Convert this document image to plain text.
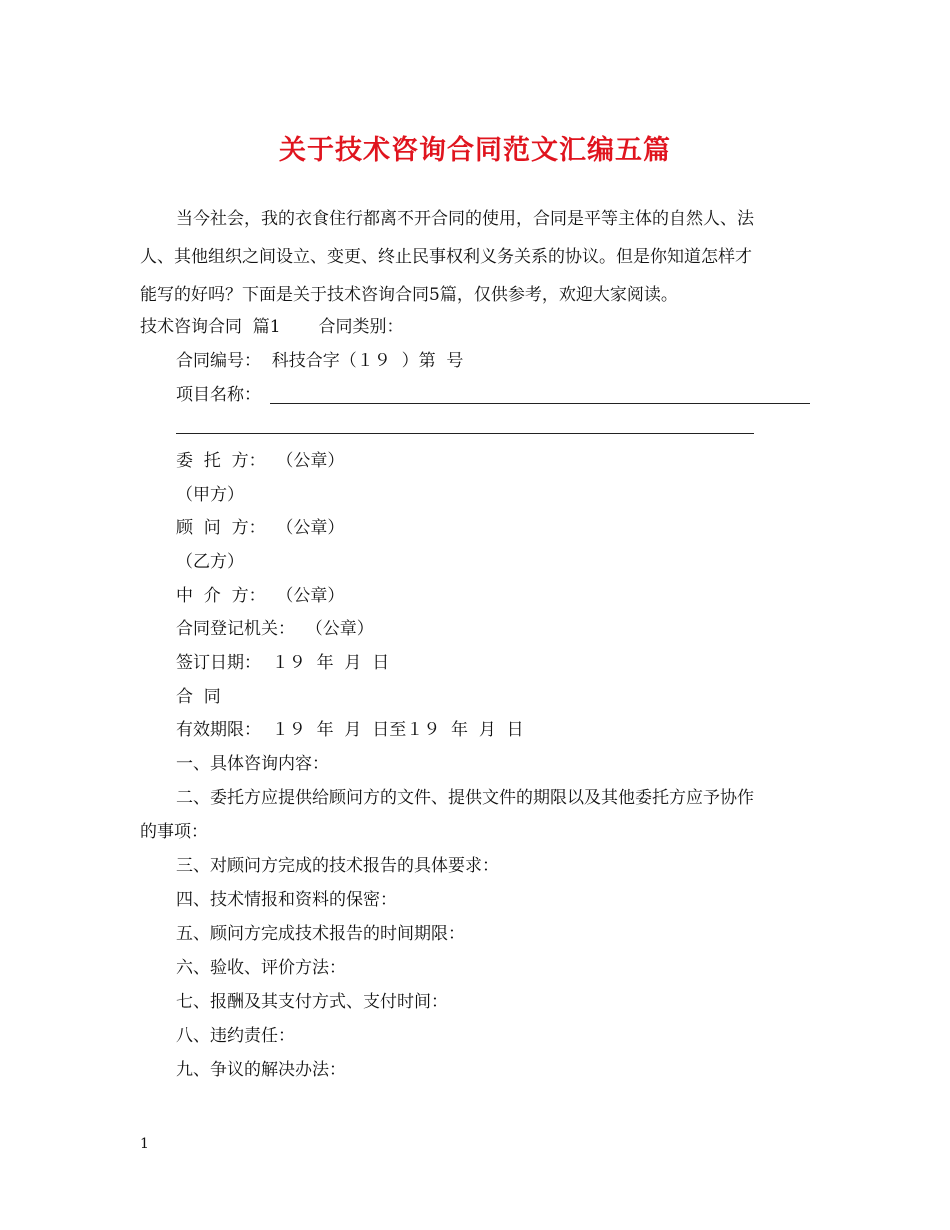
关于技术咨询合同范文汇编五篇
当今社会，我的衣食住行都离不开合同的使用，合同是平等主体的自然人、法
人、其他组织之间设立、变更、终止民事权利义务关系的协议。但是你知道怎样才
能写的好吗？下面是关于技术咨询合同5篇，仅供参考，欢迎大家阅读。
技术咨询合同  篇1       合同类别：
合同编号：  科技合字（１９  ）第  号
项目名称：
委  托  方：  （公章）
（甲方）
顾  问  方：  （公章）
（乙方）
中  介  方：  （公章）
合同登记机关：  （公章）
签订日期：  １９  年  月  日
合  同
有效期限：  １９  年  月  日至１９  年  月  日
一、具体咨询内容：
二、委托方应提供给顾问方的文件、提供文件的期限以及其他委托方应予协作
的事项：
三、对顾问方完成的技术报告的具体要求：
四、技术情报和资料的保密：
五、顾问方完成技术报告的时间期限：
六、验收、评价方法：
七、报酬及其支付方式、支付时间：
八、违约责任：
九、争议的解决办法：
1
